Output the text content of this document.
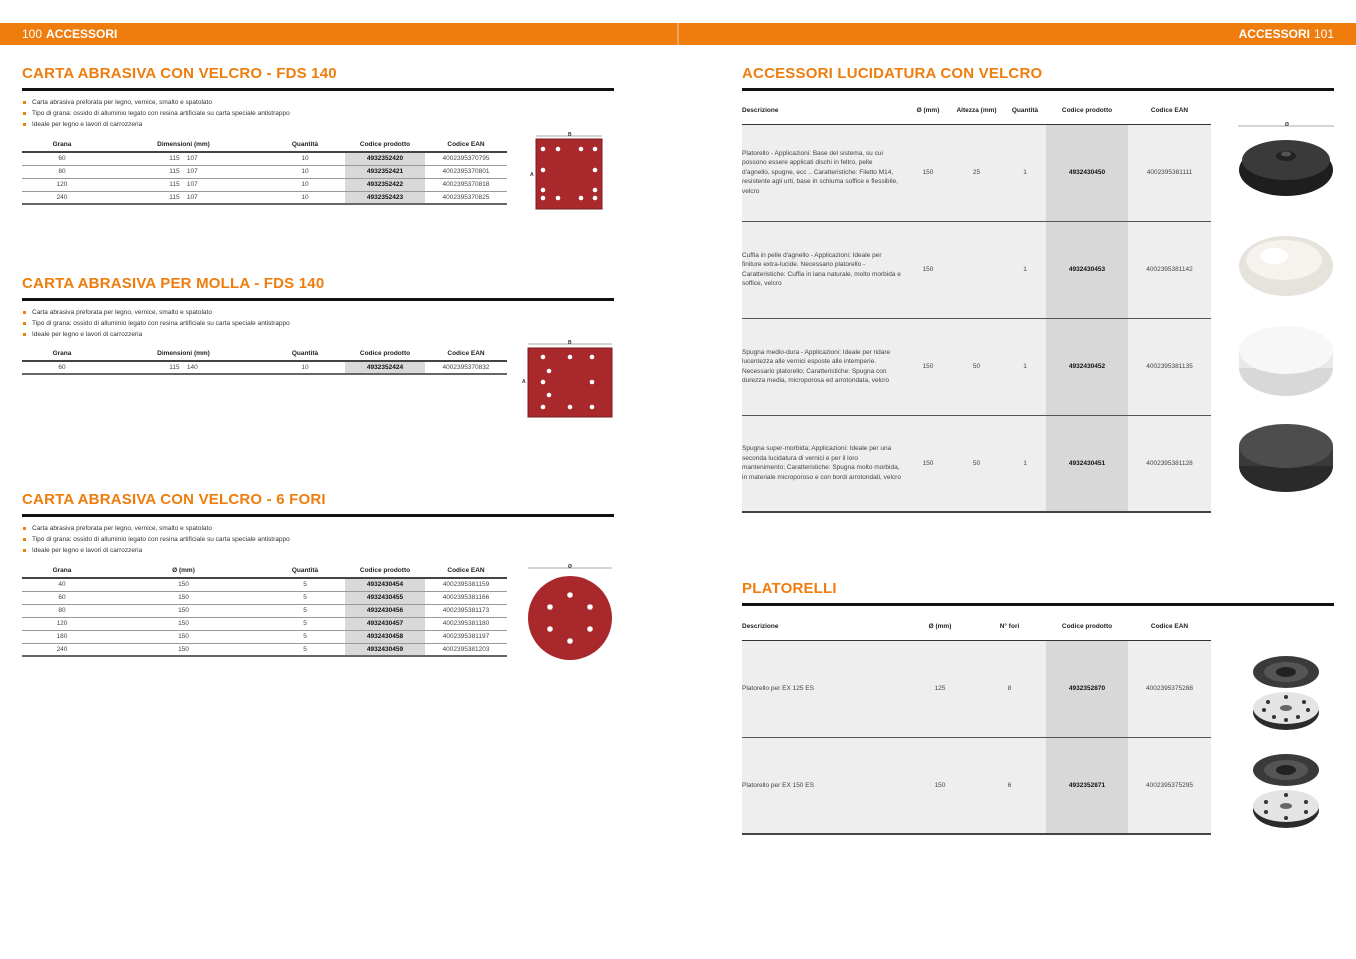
100 ACCESSORI	ACCESSORI 101
CARTA ABRASIVA CON VELCRO - FDS 140
Carta abrasiva preforata per legno, vernice, smalto e spatolato
Tipo di grana: ossido di alluminio legato con resina artificiale su carta speciale antistrappo
Ideale per legno e lavori di carrozzeria
Grana	Dimensioni (mm)	Quantità	Codice prodotto	Codice EAN
60	115    107	10	4932352420	4002395370795
80	115    107	10	4932352421	4002395370801
120	115    107	10	4932352422	4002395370818
240	115    107	10	4932352423	4002395370825
B
A
CARTA ABRASIVA PER MOLLA - FDS 140
Carta abrasiva preforata per legno, vernice, smalto e spatolato
Tipo di grana: ossido di alluminio legato con resina artificiale su carta speciale antistrappo
Ideale per legno e lavori di carrozzeria
Grana	Dimensioni (mm)	Quantità	Codice prodotto	Codice EAN
60	115    140	10	4932352424	4002395370832
B
A
CARTA ABRASIVA CON VELCRO - 6 FORI
Carta abrasiva preforata per legno, vernice, smalto e spatolato
Tipo di grana: ossido di alluminio legato con resina artificiale su carta speciale antistrappo
Ideale per legno e lavori di carrozzeria
Grana	Ø (mm)	Quantità	Codice prodotto	Codice EAN
40	150	5	4932430454	4002395381159
60	150	5	4932430455	4002395381166
80	150	5	4932430456	4002395381173
120	150	5	4932430457	4002395381180
180	150	5	4932430458	4002395381197
240	150	5	4932430459	4002395381203
Ø
ACCESSORI LUCIDATURA CON VELCRO
Descrizione	Ø (mm)	Altezza (mm)	Quantità	Codice prodotto	Codice EAN
Platorello - Applicazioni: Base del sistema, su cui possono essere applicati dischi in feltro, pelle d'agnello, spugne, ecc .. Caratteristiche: Filetto M14, resistente agli urti, base in schiuma soffice e flessibile, velcro	150	25	1	4932430450	4002395381111
Cuffia in pelle d'agnello - Applicazioni: Ideale per finiture extra-lucide. Necessario platorello - Caratteristiche: Cuffia in lana naturale, molto morbida e soffice, velcro	150		1	4932430453	4002395381142
Spugna medio-dura - Applicazioni: Ideale per ridare lucentezza alle vernici esposte alle intemperie. Necessario platorello; Caratteristiche: Spugna con durezza media, microporosa ed arrotondata, velcro	150	50	1	4932430452	4002395381135
Spugna super-morbida; Applicazioni: Ideale per una seconda lucidatura di vernici e per il loro mantenimento; Caratteristiche: Spugna molto morbida, in materiale microporoso e con bordi arrotondati, velcro	150	50	1	4932430451	4002395381128
Ø
PLATORELLI
Descrizione	Ø (mm)	N° fori	Codice prodotto	Codice EAN
Platorello per EX 125 ES	125	8	4932352870	4002395375288
Platorello per EX 150 ES	150	6	4932352871	4002395375295
